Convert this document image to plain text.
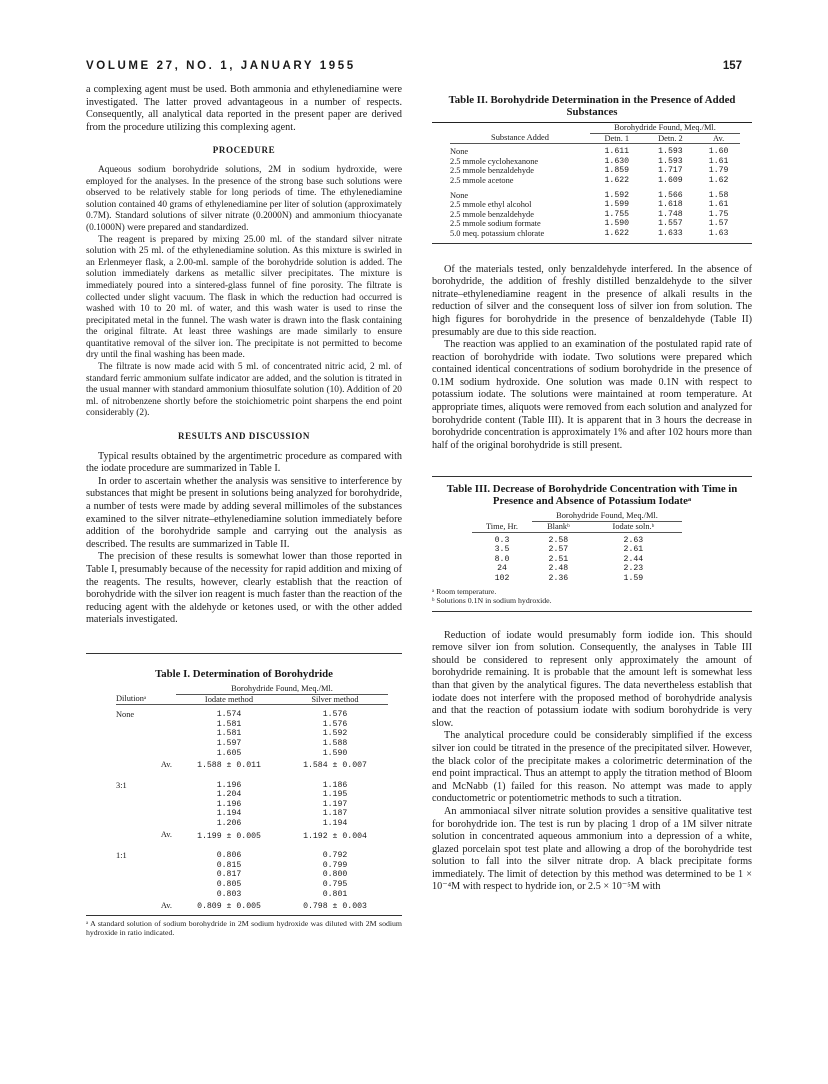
VOLUME 27, NO. 1, JANUARY 1955	157

a complexing agent must be used. Both ammonia and ethylenediamine were investigated. The latter proved advantageous in a number of respects. Consequently, all analytical data reported in the present paper are derived from the procedure utilizing this complexing agent.

PROCEDURE

Aqueous sodium borohydride solutions, 2M in sodium hydroxide, were employed for the analyses. In the presence of the strong base such solutions were observed to be relatively stable for long periods of time. The ethylenediamine solution contained 40 grams of ethylenediamine per liter of solution (approximately 0.7M). Standard solutions of silver nitrate (0.2000N) and ammonium thiocyanate (0.1000N) were prepared and standardized.

The reagent is prepared by mixing 25.00 ml. of the standard silver nitrate solution with 25 ml. of the ethylenediamine solution. As this mixture is swirled in an Erlenmeyer flask, a 2.00-ml. sample of the borohydride solution is added. The solution immediately darkens as metallic silver precipitates. The mixture is immediately poured into a sintered-glass funnel of fine porosity. The filtrate is collected under slight vacuum. The flask in which the reduction had occurred is washed with 10 to 20 ml. of water, and this wash water is used to rinse the precipitated metal in the funnel. The wash water is drawn into the flask containing the original filtrate. At least three washings are made similarly to ensure quantitative removal of the silver ion. The precipitate is not permitted to become dry until the final washing has been made.

The filtrate is now made acid with 5 ml. of concentrated nitric acid, 2 ml. of standard ferric ammonium sulfate indicator are added, and the solution is titrated in the usual manner with standard ammonium thiosulfate solution (10). Addition of 20 ml. of nitrobenzene shortly before the stoichiometric point sharpens the end point considerably (2).

RESULTS AND DISCUSSION

Typical results obtained by the argentimetric procedure as compared with the iodate procedure are summarized in Table I.

In order to ascertain whether the analysis was sensitive to interference by substances that might be present in solutions being analyzed for borohydride, a number of tests were made by adding several millimoles of the substances examined to the silver nitrate–ethylenediamine solution immediately before addition of the borohydride sample and carrying out the analysis as described. The results are summarized in Table II.

The precision of these results is somewhat lower than those reported in Table I, presumably because of the necessity for rapid addition and mixing of the reagents. The results, however, clearly establish that the reaction of borohydride with the silver ion reagent is much faster than the reaction of the reducing agent with the aldehyde or ketones used, or with the other added materials investigated.

Table I. Determination of Borohydride
	Borohydride Found, Meq./Ml.	
Dilutionᵃ	Iodate method	Silver method

None	1.574	1.576
	1.581	1.576
	1.581	1.592
	1.597	1.588
	1.605	1.590
Av.	1.588 ± 0.011	1.584 ± 0.007

3:1	1.196	1.186
	1.204	1.195
	1.196	1.197
	1.194	1.187
	1.206	1.194
Av.	1.199 ± 0.005	1.192 ± 0.004

1:1	0.806	0.792
	0.815	0.799
	0.817	0.800
	0.805	0.795
	0.803	0.801
Av.	0.809 ± 0.005	0.798 ± 0.003
ᵃ A standard solution of sodium borohydride in 2M sodium hydroxide was diluted with 2M sodium hydroxide in ratio indicated.
Table II. Borohydride Determination in the Presence of Added Substances
	Borohydride Found, Meq./Ml.		
Substance Added	Detn. 1	Detn. 2	Av.

None	1.611	1.593	1.60
2.5 mmole cyclohexanone	1.630	1.593	1.61
2.5 mmole benzaldehyde	1.859	1.717	1.79
2.5 mmole acetone	1.622	1.609	1.62

None	1.592	1.566	1.58
2.5 mmole ethyl alcohol	1.599	1.618	1.61
2.5 mmole benzaldehyde	1.755	1.748	1.75
2.5 mmole sodium formate	1.590	1.557	1.57
5.0 meq. potassium chlorate	1.622	1.633	1.63

Of the materials tested, only benzaldehyde interfered. In the absence of borohydride, the addition of freshly distilled benzaldehyde to the silver nitrate–ethylenediamine reagent in the presence of alkali results in the reduction of silver and the consequent loss of silver ion from solution. The high figures for borohydride in the presence of benzaldehyde (Table II) presumably are due to this side reaction.

The reaction was applied to an examination of the postulated rapid rate of reaction of borohydride with iodate. Two solutions were prepared which contained identical concentrations of sodium borohydride in the presence of 0.1M sodium hydroxide. One solution was made 0.1N with respect to potassium iodate. The solutions were maintained at room temperature. At appropriate times, aliquots were removed from each solution and analyzed for borohydride content (Table III). It is apparent that in 3 hours the decrease in borohydride concentration is approximately 1% and after 102 hours more than half of the original borohydride is still present.

Table III. Decrease of Borohydride Concentration with Time in Presence and Absence of Potassium Iodateᵃ
	Borohydride Found, Meq./Ml.	
Time, Hr.	Blankᵇ	Iodate soln.ᵇ

0.3	2.58	2.63
3.5	2.57	2.61
8.0	2.51	2.44
24	2.48	2.23
102	2.36	1.59
ᵃ Room temperature.
ᵇ Solutions 0.1N in sodium hydroxide.

Reduction of iodate would presumably form iodide ion. This should remove silver ion from solution. Consequently, the analyses in Table III should be considered to represent only approximately the amount of borohydride remaining. It is probable that the amount left is somewhat less than that given by the analytical figures. The data nevertheless establish that iodate does not interfere with the proposed method of borohydride analysis and that the reaction of potassium iodate with sodium borohydride is very slow.

The analytical procedure could be considerably simplified if the excess silver ion could be titrated in the presence of the precipitated silver. However, the black color of the precipitate makes a colorimetric determination of the end point impractical. Thus an attempt to apply the titration method of Bloom and McNabb (1) failed for this reason. No attempt was made to apply conductometric or potentiometric methods to such a titration.

An ammoniacal silver nitrate solution provides a sensitive qualitative test for borohydride ion. The test is run by placing 1 drop of a 1M silver nitrate solution in concentrated aqueous ammonium into a depression of a white, glazed porcelain spot test plate and allowing a drop of the borohydride test solution to fall into the silver nitrate drop. A black precipitate forms immediately. The limit of detection by this method was determined to be 1 × 10⁻⁴M with respect to hydride ion, or 2.5 × 10⁻⁵M with
